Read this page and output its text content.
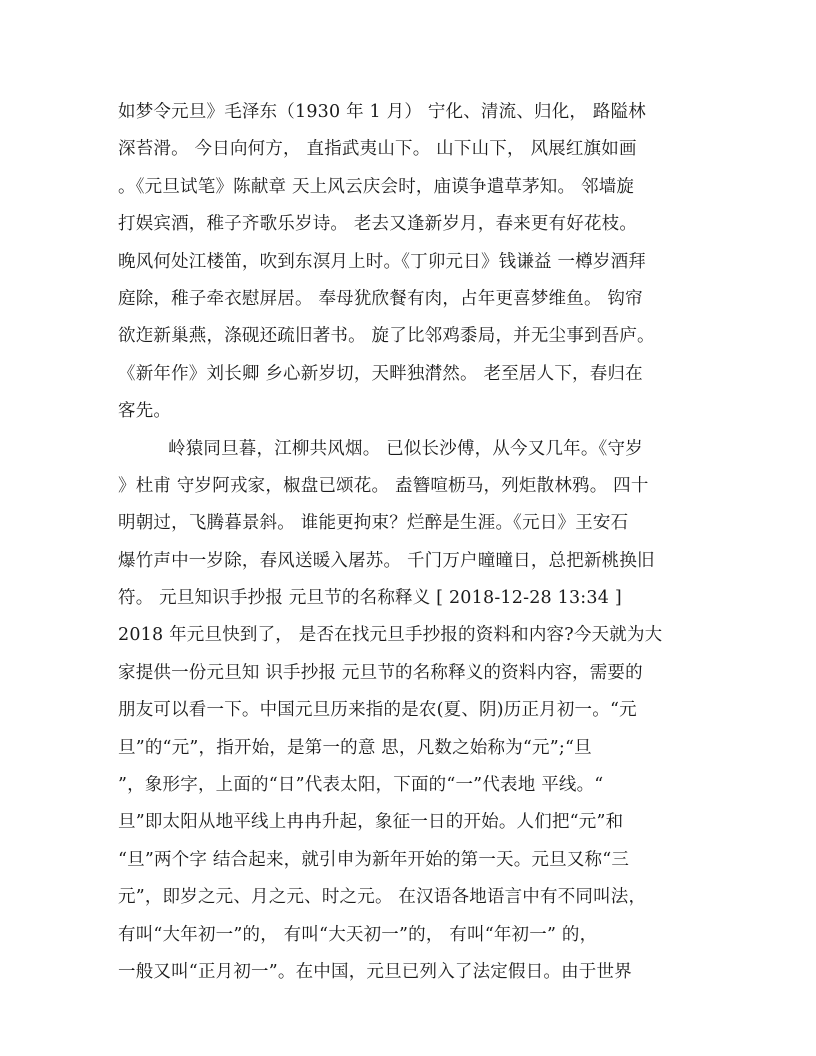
如梦令元旦》毛泽东（1930 年 1 月） 宁化、清流、归化， 路隘林
深苔滑。 今日向何方， 直指武夷山下。 山下山下， 风展红旗如画
。《元旦试笔》陈献章 天上风云庆会时，庙谟争遣草茅知。 邻墙旋
打娱宾酒，稚子齐歌乐岁诗。 老去又逢新岁月，春来更有好花枝。
晚风何处江楼笛，吹到东溟月上时。《丁卯元日》钱谦益 一樽岁酒拜
庭除，稚子牵衣慰屏居。 奉母犹欣餐有肉，占年更喜梦维鱼。 钩帘
欲迮新巢燕，涤砚还疏旧著书。 旋了比邻鸡黍局，并无尘事到吾庐。
《新年作》刘长卿 乡心新岁切，天畔独潸然。 老至居人下，春归在
客先。
岭猿同旦暮，江柳共风烟。 已似长沙傅，从今又几年。《守岁
》杜甫 守岁阿戎家，椒盘已颂花。 盍簪喧枥马，列炬散林鸦。 四十
明朝过，飞腾暮景斜。 谁能更拘束？烂醉是生涯。《元日》王安石
爆竹声中一岁除，春风送暖入屠苏。 千门万户曈曈日，总把新桃换旧
符。 元旦知识手抄报 元旦节的名称释义 [ 2018-12-28 13:34 ]
2018 年元旦快到了， 是否在找元旦手抄报的资料和内容?今天就为大
家提供一份元旦知 识手抄报 元旦节的名称释义的资料内容，需要的
朋友可以看一下。中国元旦历来指的是农(夏、阴)历正月初一。“元
旦”的“元”，指开始，是第一的意 思，凡数之始称为“元”;“旦
”，象形字，上面的“日”代表太阳，下面的“一”代表地 平线。“
旦”即太阳从地平线上冉冉升起，象征一日的开始。人们把“元”和
“旦”两个字 结合起来，就引申为新年开始的第一天。元旦又称“三
元”，即岁之元、月之元、时之元。 在汉语各地语言中有不同叫法，
有叫“大年初一”的， 有叫“大天初一”的， 有叫“年初一” 的，
一般又叫“正月初一”。在中国，元旦已列入了法定假日。由于世界
